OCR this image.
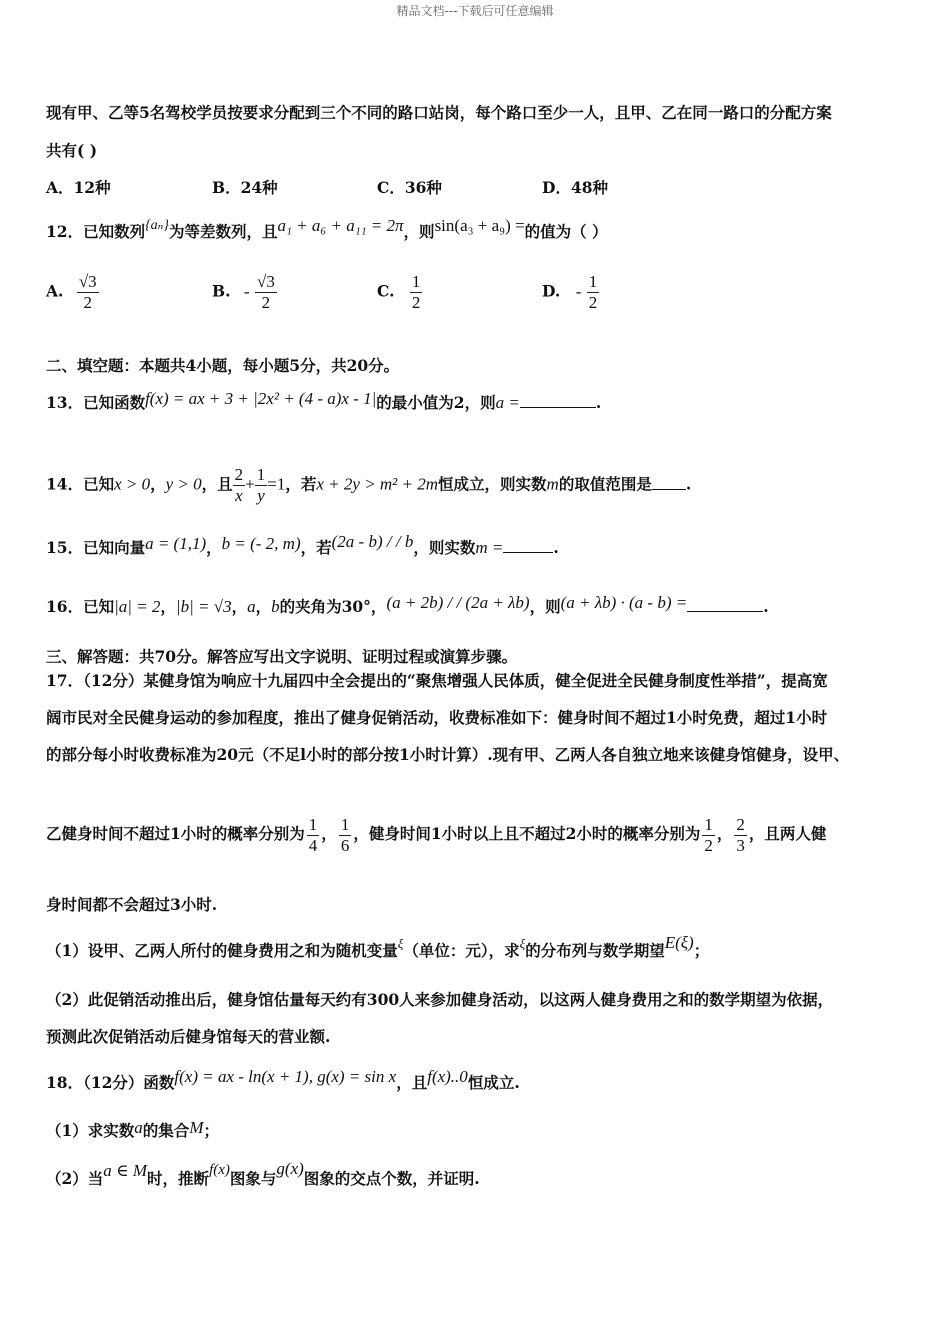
精品文档---下载后可任意编辑
现有甲、乙等5名驾校学员按要求分配到三个不同的路口站岗，每个路口至少一人，且甲、乙在同一路口的分配方案
共有( )
A．12种	B．24种	C．36种	D．48种
12．已知数列{aₙ}为等差数列，且a₁ + a₆ + a₁₁ = 2π，则sin(a₃ + a₉) =的值为（ ）
A. $\frac{√3}{2}$	B. - $\frac{√3}{2}$	C. $\frac{1}{2}$	D. - $\frac{1}{2}$
二、填空题：本题共4小题，每小题5分，共20分。
13．已知函数f(x) = ax + 3 + |2x² + (4 - a)x - 1|的最小值为2，则a =	.
14．已知x > 0，y > 0，且 $\frac{2}{x} + \frac{1}{y} =1$，若x + 2y > m² + 2m恒成立，则实数m的取值范围是 .
15．已知向量a = (1,1)，b = (- 2, m)，若(2a - b) / / b，则实数m =	.
16．已知|a| = 2，|b| = √3，a，b的夹角为30°，(a + 2b) / / (2a + λb)，则(a + λb) · (a - b) =	.
三、解答题：共70分。解答应写出文字说明、证明过程或演算步骤。
17．（12分）某健身馆为响应十九届四中全会提出的“聚焦增强人民体质，健全促进全民健身制度性举措”，提高宽
阔市民对全民健身运动的参加程度，推出了健身促销活动，收费标准如下：健身时间不超过1小时免费，超过1小时
的部分每小时收费标准为20元（不足l小时的部分按1小时计算）.现有甲、乙两人各自独立地来该健身馆健身，设甲、
乙健身时间不超过1小时的概率分别为 $\frac{1}{4}$ ， $\frac{1}{6}$ ，健身时间1小时以上且不超过2小时的概率分别为 $\frac{1}{2}$ ， $\frac{2}{3}$ ，且两人健
身时间都不会超过3小时.
（1）设甲、乙两人所付的健身费用之和为随机变量$^\xi$（单位：元），求$^\xi$的分布列与数学期望E(ξ)；
（2）此促销活动推出后，健身馆估量每天约有300人来参加健身活动，以这两人健身费用之和的数学期望为依据，
预测此次促销活动后健身馆每天的营业额.
18．（12分）函数f(x) = ax - ln(x + 1), g(x) = sin x，且f(x)..0恒成立.
（1）求实数a的集合M；
（2）当a ∈ M时，推断f(x)图象与g(x)图象的交点个数，并证明.
